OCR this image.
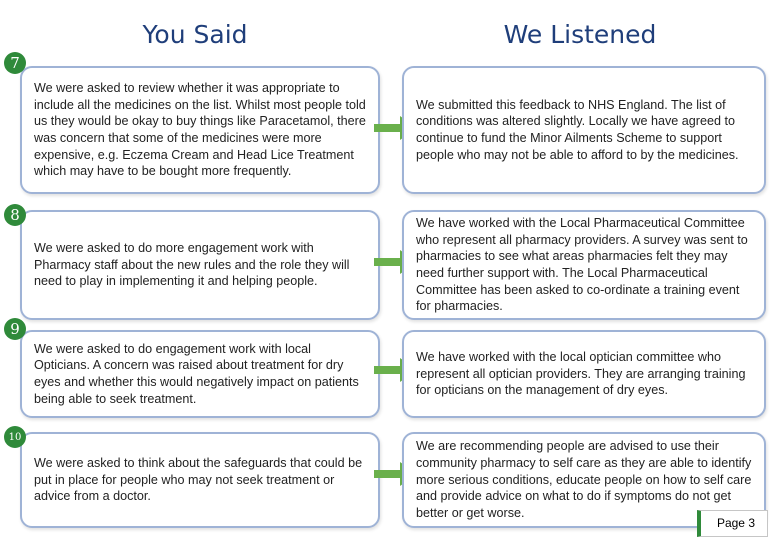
You Said	We Listened
7
We were asked to review whether it was appropriate to include all the medicines on the list. Whilst most people told us they would be okay to buy things like Paracetamol, there was concern that some of the medicines were more expensive, e.g. Eczema Cream and Head Lice Treatment which may have to be bought more frequently.
We submitted this feedback to NHS England. The list of conditions was altered slightly. Locally we have agreed to continue to fund the Minor Ailments Scheme to support people who may not be able to afford to by the medicines.
8
We were asked to do more engagement work with Pharmacy staff about the new rules and the role they will need to play in implementing it and helping people.
We have worked with the Local Pharmaceutical Committee who represent all pharmacy providers. A survey was sent to pharmacies to see what areas pharmacies felt they may need further support with. The Local Pharmaceutical Committee has been asked to co-ordinate a training event for pharmacies.
9
We were asked to do engagement work with local Opticians. A concern was raised about treatment for dry eyes and whether this would negatively impact on patients being able to seek treatment.
We have worked with the local optician committee who represent all optician providers. They are arranging training for opticians on the management of dry eyes.
10
We were asked to think about the safeguards that could be put in place for people who may not seek treatment or advice from a doctor.
We are recommending people are advised to use their community pharmacy to self care as they are able to identify more serious conditions, educate people on how to self care and provide advice on what to do if symptoms do not get better or get worse.
Page 3
